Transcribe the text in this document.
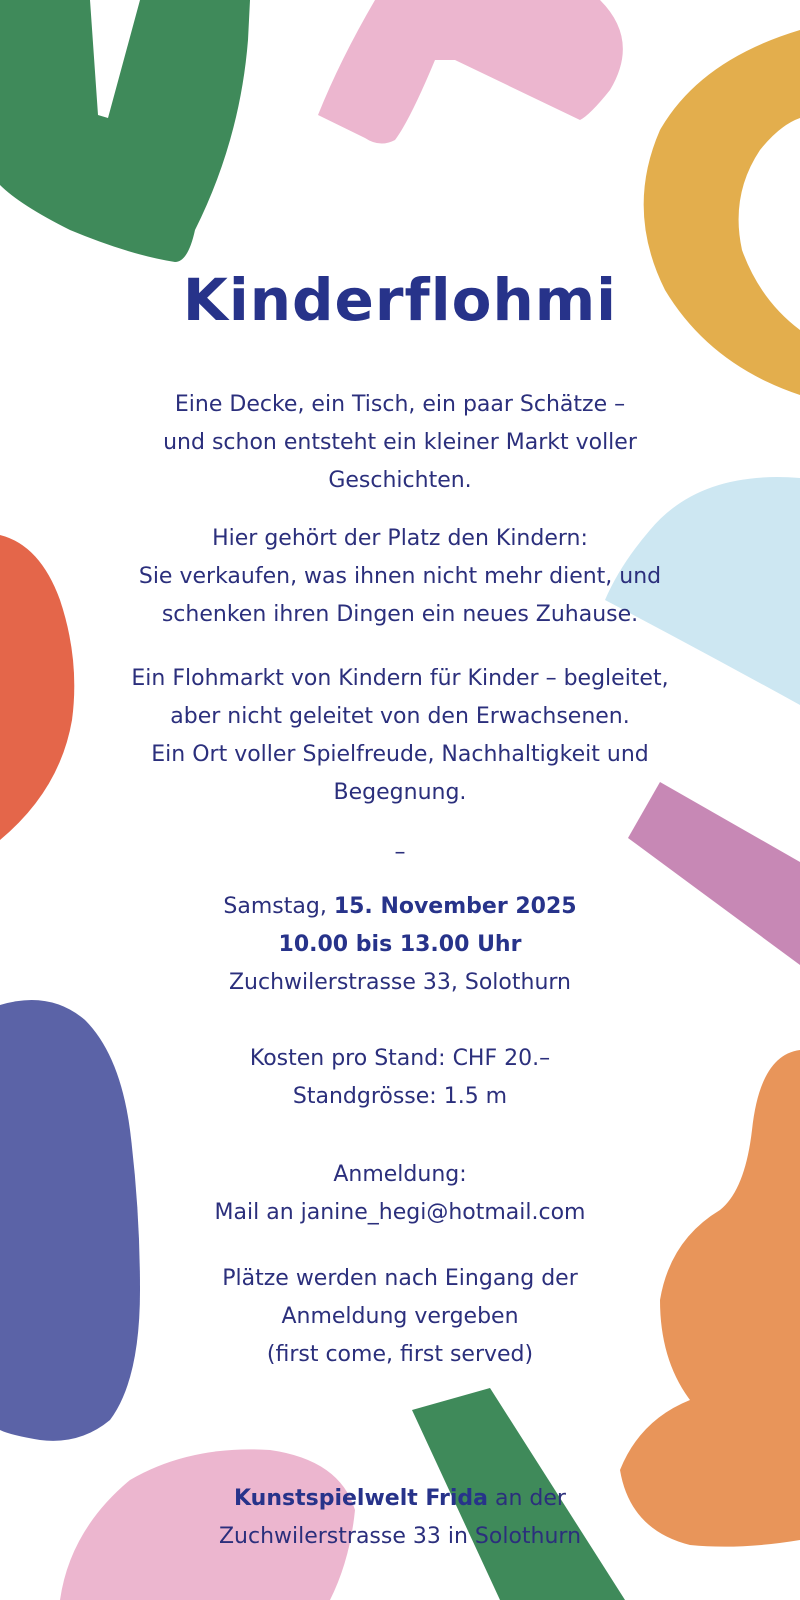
Kinderflohmi
Eine Decke, ein Tisch, ein paar Schätze –
und schon entsteht ein kleiner Markt voller
Geschichten.
Hier gehört der Platz den Kindern:
Sie verkaufen, was ihnen nicht mehr dient, und
schenken ihren Dingen ein neues Zuhause.
Ein Flohmarkt von Kindern für Kinder – begleitet,
aber nicht geleitet von den Erwachsenen.
Ein Ort voller Spielfreude, Nachhaltigkeit und
Begegnung.
–
Samstag, 15. November 2025
10.00 bis 13.00 Uhr
Zuchwilerstrasse 33, Solothurn
Kosten pro Stand: CHF 20.–
Standgrösse: 1.5 m
Anmeldung:
Mail an janine_hegi@hotmail.com
Plätze werden nach Eingang der
Anmeldung vergeben
(first come, first served)
Kunstspielwelt Frida an der
Zuchwilerstrasse 33 in Solothurn
